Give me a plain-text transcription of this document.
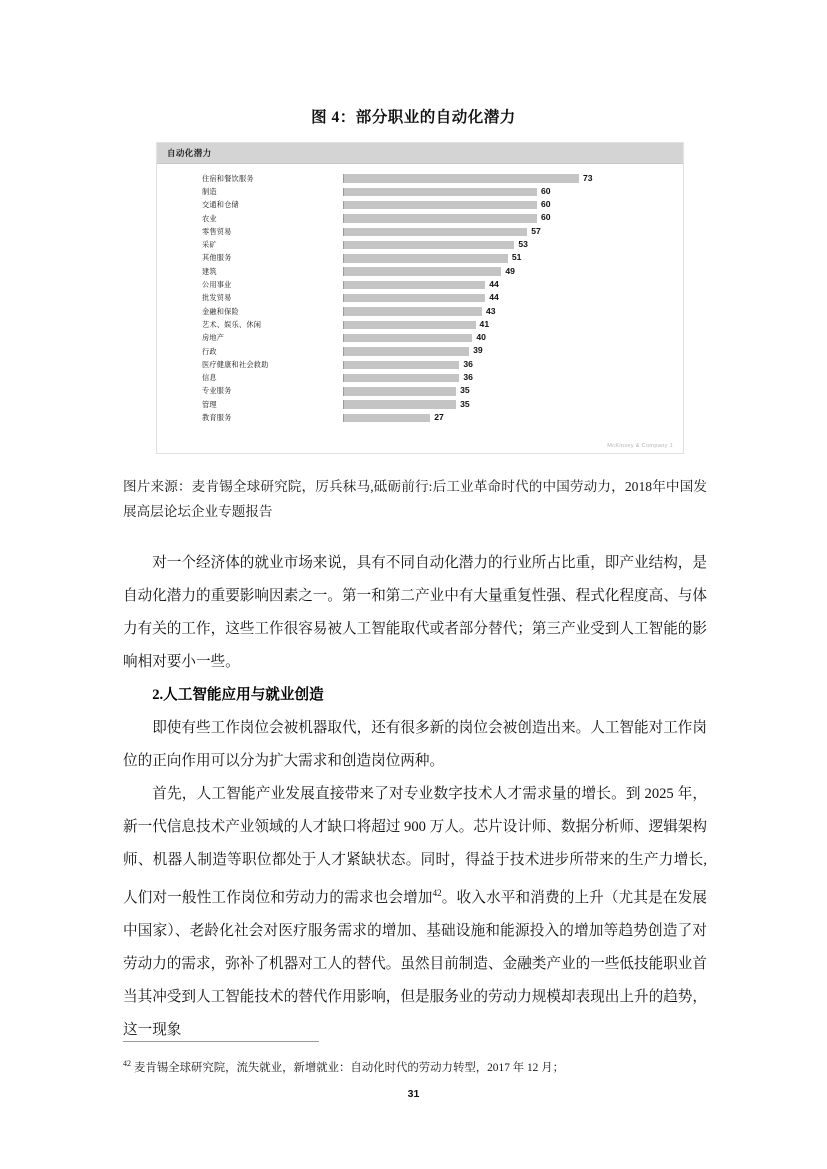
图 4：部分职业的自动化潜力
自动化潜力
住宿和餐饮服务	73
制造	60
交通和仓储	60
农业	60
零售贸易	57
采矿	53
其他服务	51
建筑	49
公用事业	44
批发贸易	44
金融和保险	43
艺术、娱乐、休闲	41
房地产	40
行政	39
医疗健康和社会救助	36
信息	36
专业服务	35
管理	35
教育服务	27
McKinsey & Company 1
图片来源：麦肯锡全球研究院，厉兵秣马,砥砺前行:后工业革命时代的中国劳动力，2018年中国发展高层论坛企业专题报告

对一个经济体的就业市场来说，具有不同自动化潜力的行业所占比重，即产业结构，是自动化潜力的重要影响因素之一。第一和第二产业中有大量重复性强、程式化程度高、与体力有关的工作，这些工作很容易被人工智能取代或者部分替代；第三产业受到人工智能的影响相对要小一些。

2.人工智能应用与就业创造

即使有些工作岗位会被机器取代，还有很多新的岗位会被创造出来。人工智能对工作岗位的正向作用可以分为扩大需求和创造岗位两种。

首先，人工智能产业发展直接带来了对专业数字技术人才需求量的增长。到 2025 年，新一代信息技术产业领域的人才缺口将超过 900 万人。芯片设计师、数据分析师、逻辑架构师、机器人制造等职位都处于人才紧缺状态。同时，得益于技术进步所带来的生产力增长,人们对一般性工作岗位和劳动力的需求也会增加$^{42}$。收入水平和消费的上升（尤其是在发展中国家）、老龄化社会对医疗服务需求的增加、基础设施和能源投入的增加等趋势创造了对劳动力的需求，弥补了机器对工人的替代。虽然目前制造、金融类产业的一些低技能职业首当其冲受到人工智能技术的替代作用影响，但是服务业的劳动力规模却表现出上升的趋势，这一现象

$^{42}$ 麦肯锡全球研究院，流失就业，新增就业：自动化时代的劳动力转型，2017 年 12 月；
31
